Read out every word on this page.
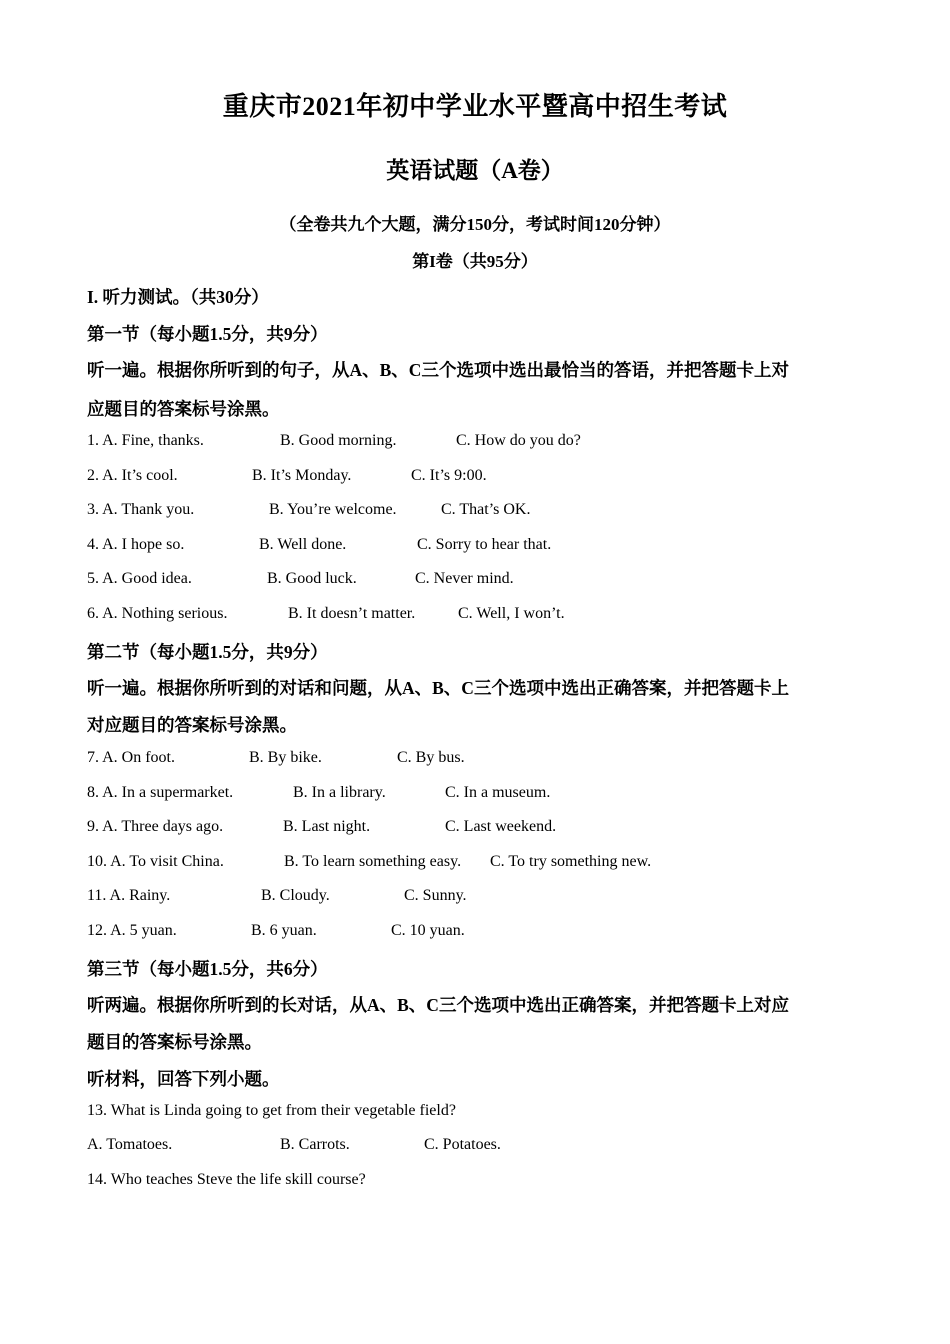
重庆市2021年初中学业水平暨高中招生考试
英语试题（A卷）
（全卷共九个大题，满分150分，考试时间120分钟）
第I卷（共95分）
I. 听力测试。（共30分）
第一节（每小题1.5分，共9分）
听一遍。根据你所听到的句子，从A、B、C三个选项中选出最恰当的答语，并把答题卡上对
应题目的答案标号涂黑。
1. A. Fine, thanks.	B. Good morning.	C. How do you do?
2. A. It’s cool.	B. It’s Monday.	C. It’s 9:00.
3. A. Thank you.	B. You’re welcome.	C. That’s OK.
4. A. I hope so.	B. Well done.	C. Sorry to hear that.
5. A. Good idea.	B. Good luck.	C. Never mind.
6. A. Nothing serious.	B. It doesn’t matter.	C. Well, I won’t.
第二节（每小题1.5分，共9分）
听一遍。根据你所听到的对话和问题，从A、B、C三个选项中选出正确答案，并把答题卡上
对应题目的答案标号涂黑。
7. A. On foot.	B. By bike.	C. By bus.
8. A. In a supermarket.	B. In a library.	C. In a museum.
9. A. Three days ago.	B. Last night.	C. Last weekend.
10. A. To visit China.	B. To learn something easy. C. To try something new.
11. A. Rainy.	B. Cloudy.	C. Sunny.
12. A. 5 yuan.	B. 6 yuan.	C. 10 yuan.
第三节（每小题1.5分，共6分）
听两遍。根据你所听到的长对话，从A、B、C三个选项中选出正确答案，并把答题卡上对应
题目的答案标号涂黑。
听材料，回答下列小题。
13. What is Linda going to get from their vegetable field?
A. Tomatoes.	B. Carrots.	C. Potatoes.
14. Who teaches Steve the life skill course?
